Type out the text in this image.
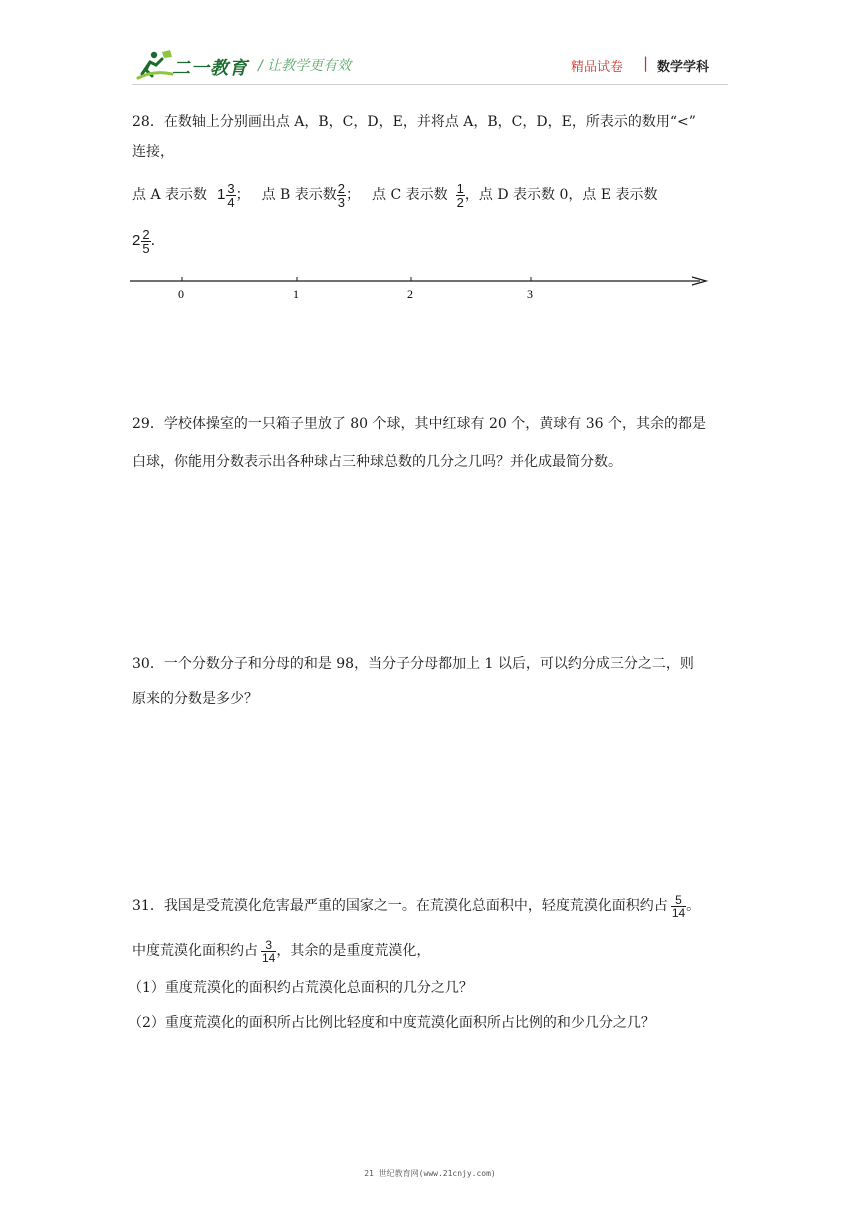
二一教育 / 让教学更有效	精品试卷 | 数学学科
28．在数轴上分别画出点 A，B，C，D，E，并将点 A，B，C，D，E，所表示的数用“<”
连接，
点 A 表示数 $1 \frac{3}{4}$ ； 点 B 表示数 $\frac{2}{3}$ ； 点 C 表示数 $\frac{1}{2}$ ，点 D 表示数 0，点 E 表示数
$2 \frac{2}{5}$ .
0	1	2	3
29．学校体操室的一只箱子里放了 80 个球，其中红球有 20 个，黄球有 36 个，其余的都是
白球，你能用分数表示出各种球占三种球总数的几分之几吗？并化成最简分数。
30．一个分数分子和分母的和是 98，当分子分母都加上 1 以后，可以约分成三分之二，则
原来的分数是多少？
31．我国是受荒漠化危害最严重的国家之一。在荒漠化总面积中，轻度荒漠化面积约占 $\frac{5}{14}$ 。
中度荒漠化面积约占 $\frac{3}{14}$ ，其余的是重度荒漠化，
（1）重度荒漠化的面积约占荒漠化总面积的几分之几？
（2）重度荒漠化的面积所占比例比轻度和中度荒漠化面积所占比例的和少几分之几？
21 世纪教育网(www.21cnjy.com)
